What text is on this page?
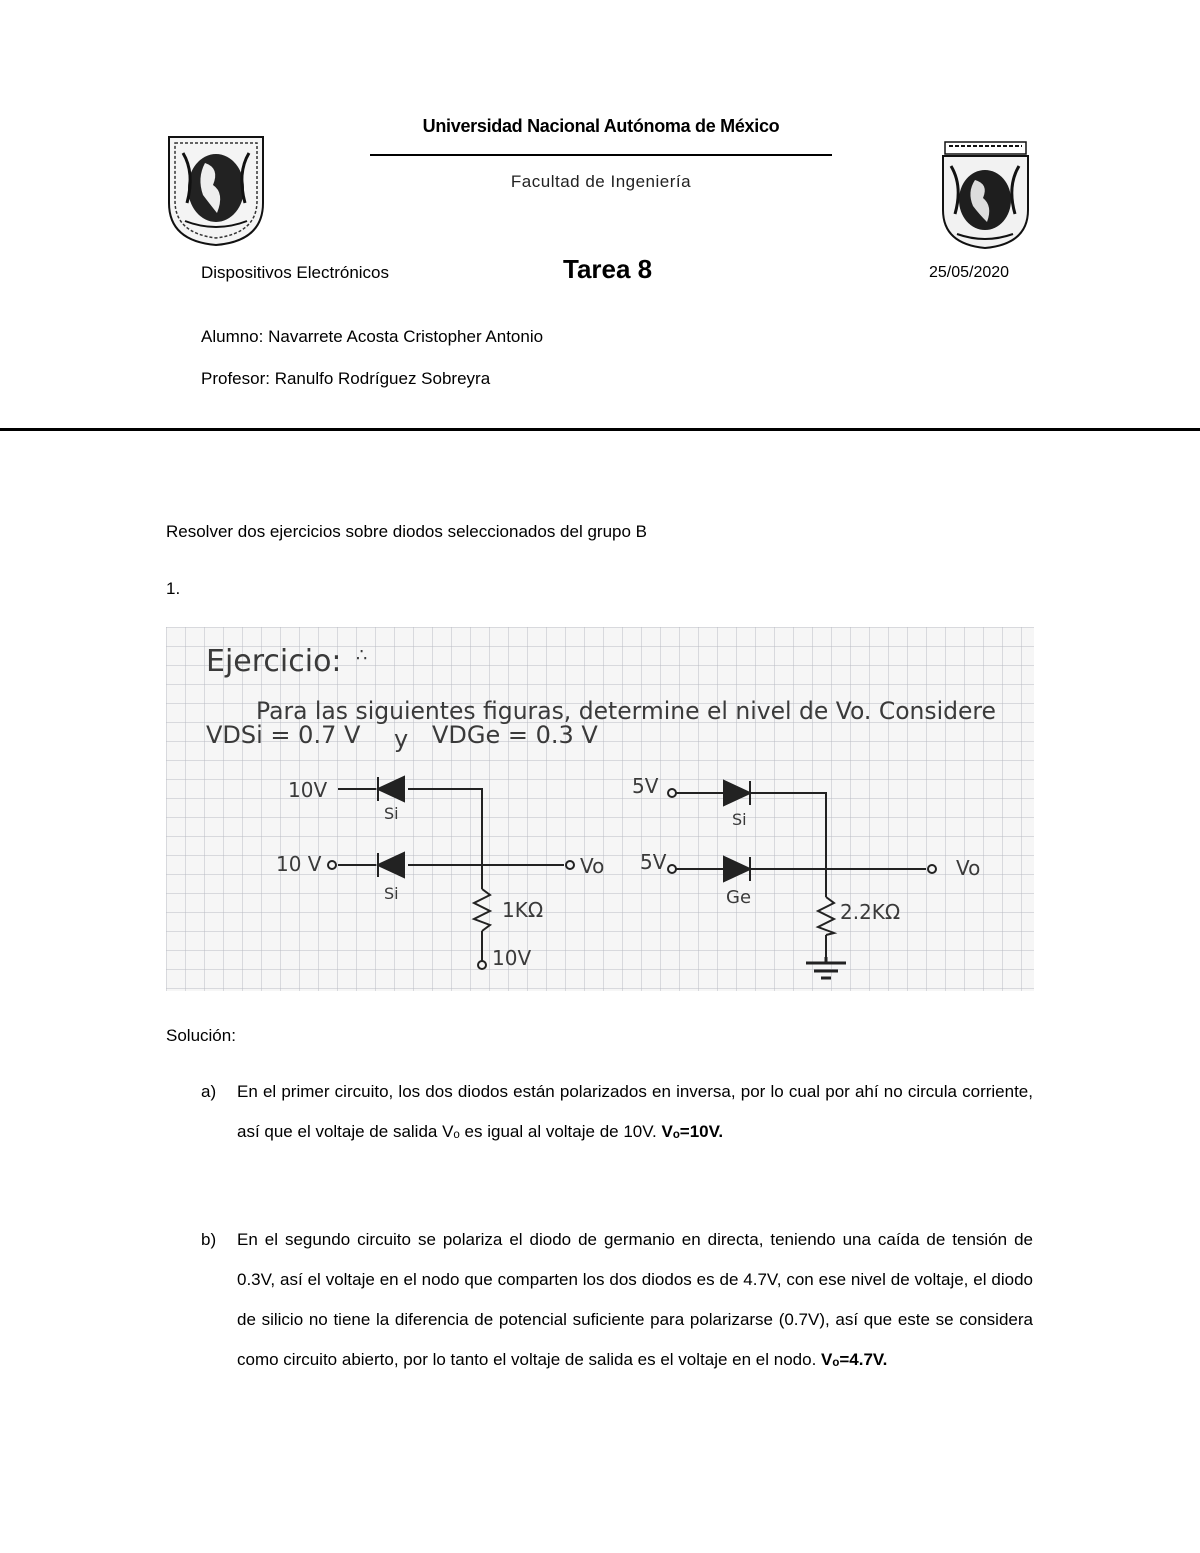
Universidad Nacional Autónoma de México
Facultad de Ingeniería
Dispositivos Electrónicos	Tarea 8	25/05/2020
Alumno: Navarrete Acosta Cristopher Antonio
Profesor: Ranulfo Rodríguez Sobreyra
Resolver dos ejercicios sobre diodos seleccionados del grupo B
1.
Ejercicio: ∴
Para las siguientes figuras, determine el nivel de Vo. Considere
VDSi = 0.7 V y VDGe = 0.3 V
10V
10 V
Si
Si
Vo
1KΩ
10V
5V
5V
Si
Ge
Vo
2.2KΩ
Solución:
a) En el primer circuito, los dos diodos están polarizados en inversa, por lo cual por ahí no circula corriente, así que el voltaje de salida Vₒ es igual al voltaje de 10V. Vₒ=10V.
b) En el segundo circuito se polariza el diodo de germanio en directa, teniendo una caída de tensión de 0.3V, así el voltaje en el nodo que comparten los dos diodos es de 4.7V, con ese nivel de voltaje, el diodo de silicio no tiene la diferencia de potencial suficiente para polarizarse (0.7V), así que este se considera como circuito abierto, por lo tanto el voltaje de salida es el voltaje en el nodo. Vₒ=4.7V.
